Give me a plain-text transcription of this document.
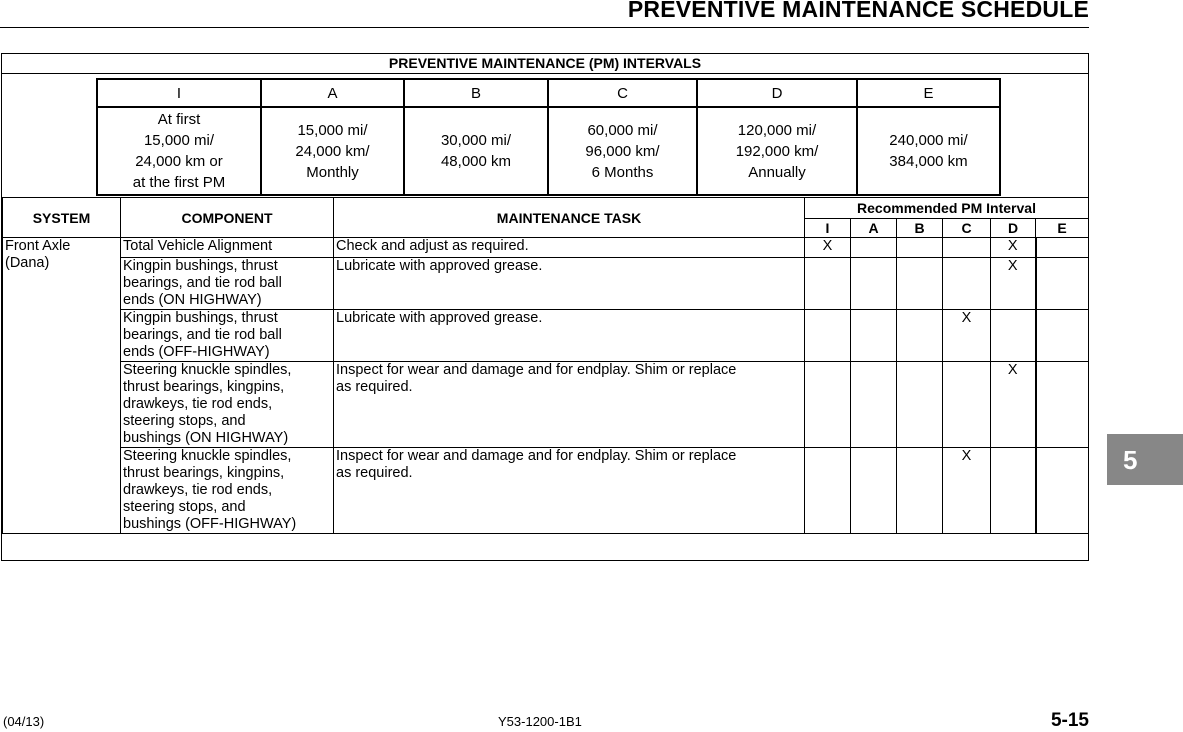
PREVENTIVE MAINTENANCE SCHEDULE
PREVENTIVE MAINTENANCE (PM) INTERVALS
I	A	B	C	D	E
At first
15,000 mi/
24,000 km or
at the first PM	15,000 mi/
24,000 km/
Monthly	30,000 mi/
48,000 km	60,000 mi/
96,000 km/
6 Months	120,000 mi/
192,000 km/
Annually	240,000 mi/
384,000 km
SYSTEM	COMPONENT	MAINTENANCE TASK	Recommended PM Interval					
			I	A	B	C	D	E
Front Axle
(Dana)	Total Vehicle Alignment	Check and adjust as required.	X				X	
	Kingpin bushings, thrust
bearings, and tie rod ball
ends (ON HIGHWAY)	Lubricate with approved grease.					X	
	Kingpin bushings, thrust
bearings, and tie rod ball
ends (OFF-HIGHWAY)	Lubricate with approved grease.				X		
	Steering knuckle spindles,
thrust bearings, kingpins,
drawkeys, tie rod ends,
steering stops, and
bushings (ON HIGHWAY)	Inspect for wear and damage and for endplay. Shim or replace
as required.					X	
	Steering knuckle spindles,
thrust bearings, kingpins,
drawkeys, tie rod ends,
steering stops, and
bushings (OFF-HIGHWAY)	Inspect for wear and damage and for endplay. Shim or replace
as required.				X			5
(04/13)	Y53-1200-1B1	5-15
